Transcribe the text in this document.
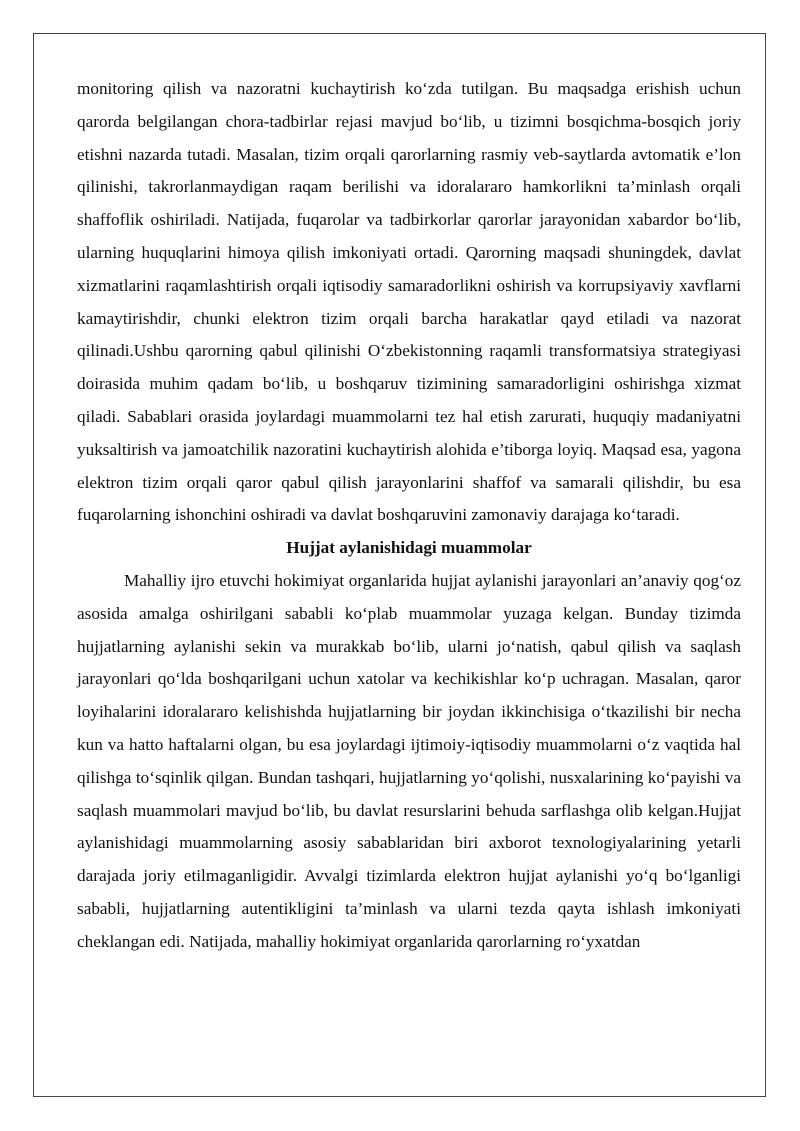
monitoring qilish va nazoratni kuchaytirish ko‘zda tutilgan. Bu maqsadga erishish uchun qarorda belgilangan chora-tadbirlar rejasi mavjud bo‘lib, u tizimni bosqichma-bosqich joriy etishni nazarda tutadi. Masalan, tizim orqali qarorlarning rasmiy veb-saytlarda avtomatik e’lon qilinishi, takrorlanmaydigan raqam berilishi va idoralararo hamkorlikni ta’minlash orqali shaffoflik oshiriladi. Natijada, fuqarolar va tadbirkorlar qarorlar jarayonidan xabardor bo‘lib, ularning huquqlarini himoya qilish imkoniyati ortadi. Qarorning maqsadi shuningdek, davlat xizmatlarini raqamlashtirish orqali iqtisodiy samaradorlikni oshirish va korrupsiyaviy xavflarni kamaytirishdir, chunki elektron tizim orqali barcha harakatlar qayd etiladi va nazorat qilinadi.Ushbu qarorning qabul qilinishi O‘zbekistonning raqamli transformatsiya strategiyasi doirasida muhim qadam bo‘lib, u boshqaruv tizimining samaradorligini oshirishga xizmat qiladi. Sabablari orasida joylardagi muammolarni tez hal etish zarurati, huquqiy madaniyatni yuksaltirish va jamoatchilik nazoratini kuchaytirish alohida e’tiborga loyiq. Maqsad esa, yagona elektron tizim orqali qaror qabul qilish jarayonlarini shaffof va samarali qilishdir, bu esa fuqarolarning ishonchini oshiradi va davlat boshqaruvini zamonaviy darajaga ko‘taradi.

Hujjat aylanishidagi muammolar

Mahalliy ijro etuvchi hokimiyat organlarida hujjat aylanishi jarayonlari an’anaviy qog‘oz asosida amalga oshirilgani sababli ko‘plab muammolar yuzaga kelgan. Bunday tizimda hujjatlarning aylanishi sekin va murakkab bo‘lib, ularni jo‘natish, qabul qilish va saqlash jarayonlari qo‘lda boshqarilgani uchun xatolar va kechikishlar ko‘p uchragan. Masalan, qaror loyihalarini idoralararo kelishishda hujjatlarning bir joydan ikkinchisiga o‘tkazilishi bir necha kun va hatto haftalarni olgan, bu esa joylardagi ijtimoiy-iqtisodiy muammolarni o‘z vaqtida hal qilishga to‘sqinlik qilgan. Bundan tashqari, hujjatlarning yo‘qolishi, nusxalarining ko‘payishi va saqlash muammolari mavjud bo‘lib, bu davlat resurslarini behuda sarflashga olib kelgan.Hujjat aylanishidagi muammolarning asosiy sabablaridan biri axborot texnologiyalarining yetarli darajada joriy etilmaganligidir. Avvalgi tizimlarda elektron hujjat aylanishi yo‘q bo‘lganligi sababli, hujjatlarning autentikligini ta’minlash va ularni tezda qayta ishlash imkoniyati cheklangan edi. Natijada, mahalliy hokimiyat organlarida qarorlarning ro‘yxatdan
